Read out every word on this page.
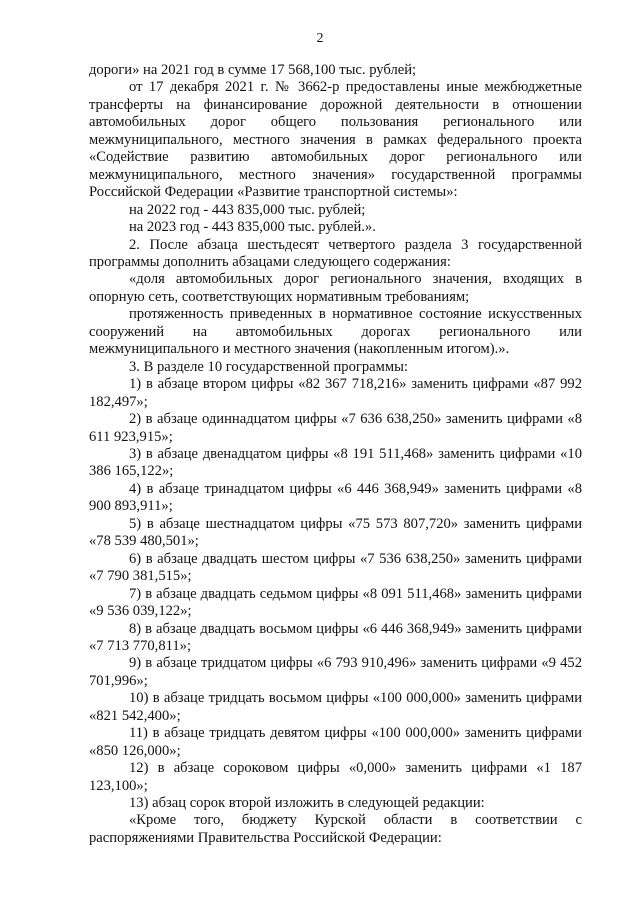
2

дороги» на 2021 год в сумме 17 568,100 тыс. рублей;

от 17 декабря 2021 г. № 3662-р предоставлены иные межбюджетные трансферты на финансирование дорожной деятельности в отношении автомобильных дорог общего пользования регионального или межмуниципального, местного значения в рамках федерального проекта «Содействие развитию автомобильных дорог регионального или межмуниципального, местного значения» государственной программы Российской Федерации «Развитие транспортной системы»:

на 2022 год - 443 835,000 тыс. рублей;

на 2023 год - 443 835,000 тыс. рублей.».

2. После абзаца шестьдесят четвертого раздела 3 государственной программы дополнить абзацами следующего содержания:

«доля автомобильных дорог регионального значения, входящих в опорную сеть, соответствующих нормативным требованиям;

протяженность приведенных в нормативное состояние искусственных сооружений на автомобильных дорогах регионального или межмуниципального и местного значения (накопленным итогом).».

3. В разделе 10 государственной программы:

1) в абзаце втором цифры «82 367 718,216» заменить цифрами «87 992 182,497»;

2) в абзаце одиннадцатом цифры «7 636 638,250» заменить цифрами «8 611 923,915»;

3) в абзаце двенадцатом цифры «8 191 511,468» заменить цифрами «10 386 165,122»;

4) в абзаце тринадцатом цифры «6 446 368,949» заменить цифрами «8 900 893,911»;

5) в абзаце шестнадцатом цифры «75 573 807,720» заменить цифрами «78 539 480,501»;

6) в абзаце двадцать шестом цифры «7 536 638,250» заменить цифрами «7 790 381,515»;

7) в абзаце двадцать седьмом цифры «8 091 511,468» заменить цифрами «9 536 039,122»;

8) в абзаце двадцать восьмом цифры «6 446 368,949» заменить цифрами «7 713 770,811»;

9) в абзаце тридцатом цифры «6 793 910,496» заменить цифрами «9 452 701,996»;

10) в абзаце тридцать восьмом цифры «100 000,000» заменить цифрами «821 542,400»;

11) в абзаце тридцать девятом цифры «100 000,000» заменить цифрами «850 126,000»;

12) в абзаце сороковом цифры «0,000» заменить цифрами «1 187 123,100»;

13) абзац сорок второй изложить в следующей редакции:

«Кроме того, бюджету Курской области в соответствии с распоряжениями Правительства Российской Федерации:
